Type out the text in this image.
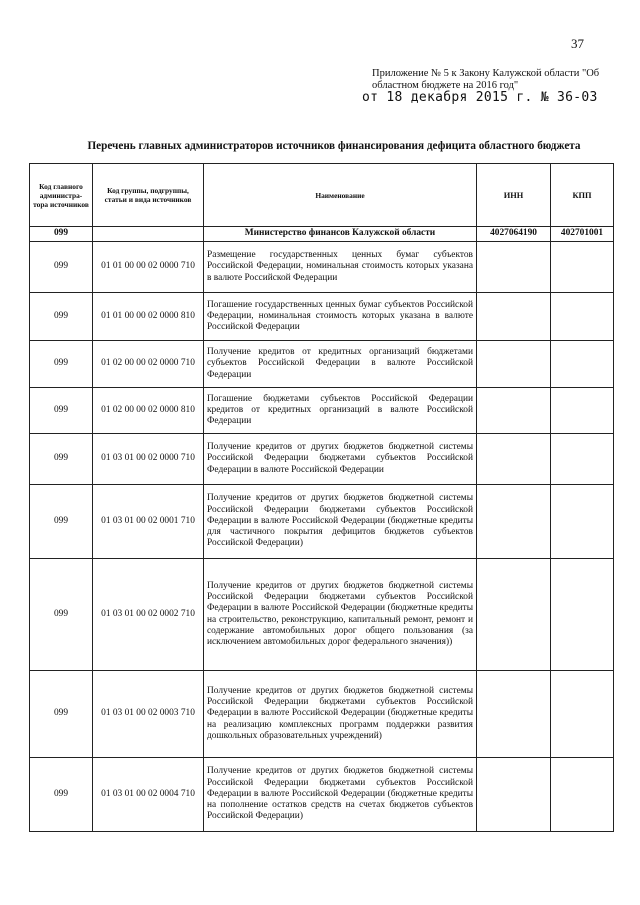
37
Приложение № 5 к Закону Калужской области "Об
областном бюджете на 2016 год"
от 18 декабря 2015 г. № 36-03
Перечень главных администраторов источников финансирования дефицита областного бюджета
Код главного администра-тора источников	Код группы, подгруппы, статьи и вида источников	Наименование	ИНН	КПП
099		Министерство финансов Калужской области	4027064190	402701001
099	01 01 00 00 02 0000 710	Размещение государственных ценных бумаг субъектов Российской Федерации, номинальная стоимость которых указана в валюте Российской Федерации		
099	01 01 00 00 02 0000 810	Погашение государственных ценных бумаг субъектов Российской Федерации, номинальная стоимость которых указана в валюте Российской Федерации		
099	01 02 00 00 02 0000 710	Получение кредитов от кредитных организаций бюджетами субъектов Российской Федерации в валюте Российской Федерации		
099	01 02 00 00 02 0000 810	Погашение бюджетами субъектов Российской Федерации кредитов от кредитных организаций в валюте Российской Федерации		
099	01 03 01 00 02 0000 710	Получение кредитов от других бюджетов бюджетной системы Российской Федерации бюджетами субъектов Российской Федерации в валюте Российской Федерации		
099	01 03 01 00 02 0001 710	Получение кредитов от других бюджетов бюджетной системы Российской Федерации бюджетами субъектов Российской Федерации в валюте Российской Федерации (бюджетные кредиты для частичного покрытия дефицитов бюджетов субъектов Российской Федерации)		
099	01 03 01 00 02 0002 710	Получение кредитов от других бюджетов бюджетной системы Российской Федерации бюджетами субъектов Российской Федерации в валюте Российской Федерации (бюджетные кредиты на строительство, реконструкцию, капитальный ремонт, ремонт и содержание автомобильных дорог общего пользования (за исключением автомобильных дорог федерального значения))		
099	01 03 01 00 02 0003 710	Получение кредитов от других бюджетов бюджетной системы Российской Федерации бюджетами субъектов Российской Федерации в валюте Российской Федерации (бюджетные кредиты на реализацию комплексных программ поддержки развития дошкольных образовательных учреждений)		
099	01 03 01 00 02 0004 710	Получение кредитов от других бюджетов бюджетной системы Российской Федерации бюджетами субъектов Российской Федерации в валюте Российской Федерации (бюджетные кредиты на пополнение остатков средств на счетах бюджетов субъектов Российской Федерации)		
